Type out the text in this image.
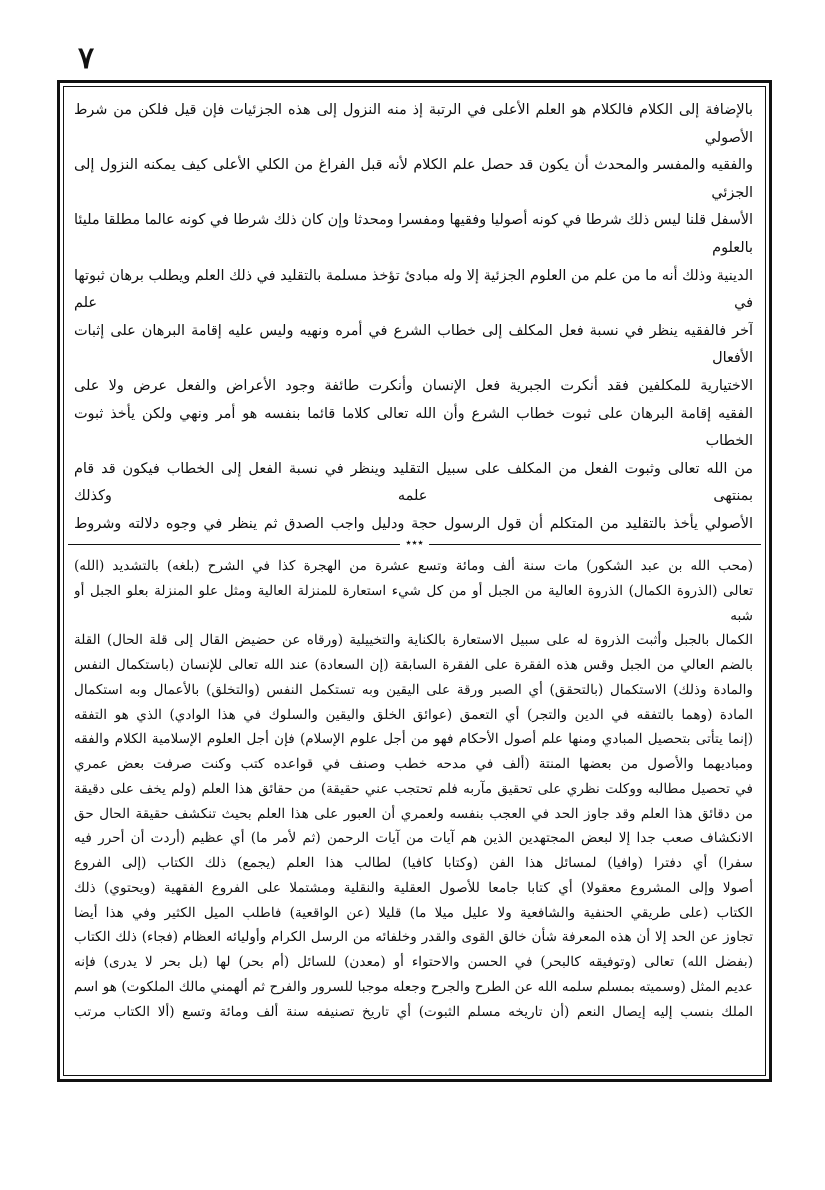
٧

بالإضافة إلى الكلام فالكلام هو العلم الأعلى في الرتبة إذ منه النزول إلى هذه الجزئيات فإن قيل فلكن من شرط الأصولي

والفقيه والمفسر والمحدث أن يكون قد حصل علم الكلام لأنه قبل الفراغ من الكلي الأعلى كيف يمكنه النزول إلى الجزئي

الأسفل قلنا ليس ذلك شرطا في كونه أصوليا وفقيها ومفسرا ومحدثا وإن كان ذلك شرطا في كونه عالما مطلقا مليئا بالعلوم

الدينية وذلك أنه ما من علم من العلوم الجزئية إلا وله مبادئ تؤخذ مسلمة بالتقليد في ذلك العلم ويطلب برهان ثبوتها في علم

آخر فالفقيه ينظر في نسبة فعل المكلف إلى خطاب الشرع في أمره ونهيه وليس عليه إقامة البرهان على إثبات الأفعال

الاختيارية للمكلفين فقد أنكرت الجبرية فعل الإنسان وأنكرت طائفة وجود الأعراض والفعل عرض ولا على

الفقيه إقامة البرهان على ثبوت خطاب الشرع وأن الله تعالى كلاما قائما بنفسه هو أمر ونهي ولكن يأخذ ثبوت الخطاب

من الله تعالى وثبوت الفعل من المكلف على سبيل التقليد وينظر في نسبة الفعل إلى الخطاب فيكون قد قام بمنتهى علمه وكذلك

الأصولي يأخذ بالتقليد من المتكلم أن قول الرسول حجة ودليل واجب الصدق ثم ينظر في وجوه دلالته وشروط

٭٭٭

(محب الله بن عبد الشكور) مات سنة ألف ومائة وتسع عشرة من الهجرة كذا في الشرح (بلغه) بالتشديد (الله)

تعالى (الذروة الكمال) الذروة العالية من الجبل أو من كل شيء استعارة للمنزلة العالية ومثل علو المنزلة بعلو الجبل أو شبه

الكمال بالجبل وأثبت الذروة له على سبيل الاستعارة بالكناية والتخييلية (ورقاه عن حضيض القال إلى قلة الحال) القلة

بالضم العالي من الجبل وقس هذه الفقرة على الفقرة السابقة (إن السعادة) عند الله تعالى للإنسان (باستكمال النفس

والمادة وذلك) الاستكمال (بالتحقق) أي الصبر ورقة على اليقين وبه تستكمل النفس (والتخلق) بالأعمال وبه استكمال

المادة (وهما بالتفقه في الدين والتجر) أي التعمق (عوائق الخلق واليقين والسلوك في هذا الوادي) الذي هو التفقه

(إنما يتأتى بتحصيل المبادي ومنها علم أصول الأحكام فهو من أجل علوم الإسلام) فإن أجل العلوم الإسلامية الكلام والفقه

ومباديهما والأصول من بعضها المنتة (ألف في مدحه خطب وصنف في قواعده كتب وكنت صرفت بعض عمري

في تحصيل مطالبه ووكلت نظري على تحقيق مآربه فلم تحتجب عني حقيقة) من حقائق هذا العلم (ولم يخف على دقيقة

من دقائق هذا العلم وقد جاوز الحد في العجب بنفسه ولعمري أن العبور على هذا العلم بحيث تنكشف حقيقة الحال حق

الانكشاف صعب جدا إلا لبعض المجتهدين الذين هم آيات من آيات الرحمن (ثم لأمر ما) أي عظيم (أردت أن أحرر فيه

سفرا) أي دفترا (وافيا) لمسائل هذا الفن (وكتابا كافيا) لطالب هذا العلم (يجمع) ذلك الكتاب (إلى الفروع

أصولا وإلى المشروع معقولا) أي كتابا جامعا للأصول العقلية والنقلية ومشتملا على الفروع الفقهية (ويحتوي) ذلك

الكتاب (على طريقي الحنفية والشافعية ولا عليل ميلا ما) قليلا (عن الواقعية) فاطلب الميل الكثير وفي هذا أيضا

تجاوز عن الحد إلا أن هذه المعرفة شأن خالق القوى والقدر وخلفائه من الرسل الكرام وأوليائه العظام (فجاء) ذلك الكتاب

(بفضل الله) تعالى (وتوفيقه كالبحر) في الحسن والاحتواء أو (معدن) للسائل (أم بحر) لها (بل بحر لا يدرى) فإنه

عديم المثل (وسميته بمسلم سلمه الله عن الطرح والجرح وجعله موجبا للسرور والفرح ثم ألهمني مالك الملكوت) هو اسم

الملك بنسب إليه إيصال النعم (أن تاريخه مسلم الثبوت) أي تاريخ تصنيفه سنة ألف ومائة وتسع (ألا الكتاب مرتب
